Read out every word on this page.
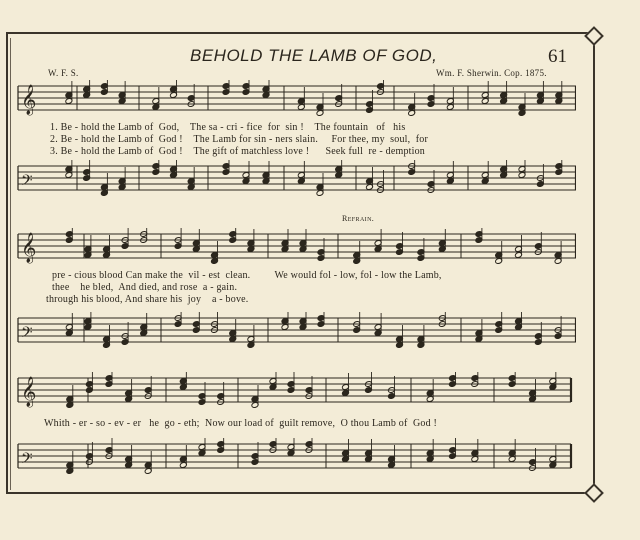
BEHOLD THE LAMB OF GOD,	61
W. F. S.	Wm. F. Sherwin. Cop. 1875.
𝄞
1. Be - hold the Lamb of  God,    The sa - cri - fice  for  sin !    The fountain   of   his
2. Be - hold the Lamb of  God !    The Lamb for sin - ners slain.     For thee, my  soul,  for
3. Be - hold the Lamb of  God !    The gift of matchless love !      Seek full  re - demption
𝄢
Refrain.
𝄞
pre - cious blood Can make the  vil - est  clean.         We would fol - low, fol - low the Lamb,
thee    he bled,  And died, and rose  a - gain.
through his blood, And share his  joy    a - bove.
𝄢
𝄞
Whith - er - so - ev - er   he  go - eth;  Now our load of  guilt remove,  O thou Lamb of  God !
𝄢
